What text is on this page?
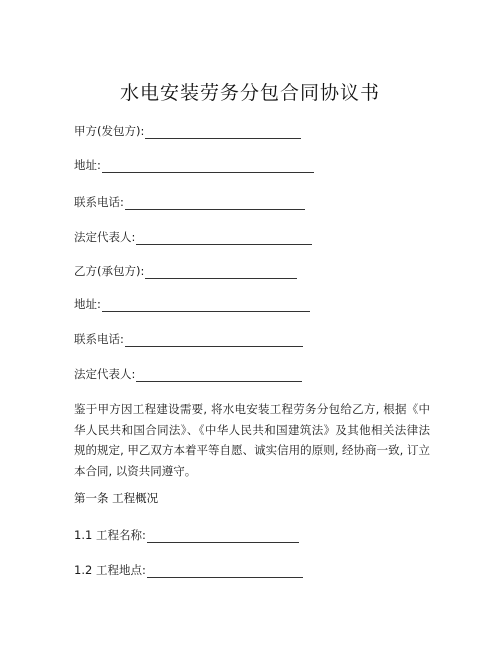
水电安装劳务分包合同协议书
甲方(发包方):
地址:
联系电话:
法定代表人:
乙方(承包方):
地址:
联系电话:
法定代表人:
鉴于甲方因工程建设需要, 将水电安装工程劳务分包给乙方, 根据《中华人民共和国合同法》、《中华人民共和国建筑法》及其他相关法律法规的规定, 甲乙双方本着平等自愿、诚实信用的原则, 经协商一致, 订立本合同, 以资共同遵守。
第一条 工程概况
1.1 工程名称:
1.2 工程地点:
